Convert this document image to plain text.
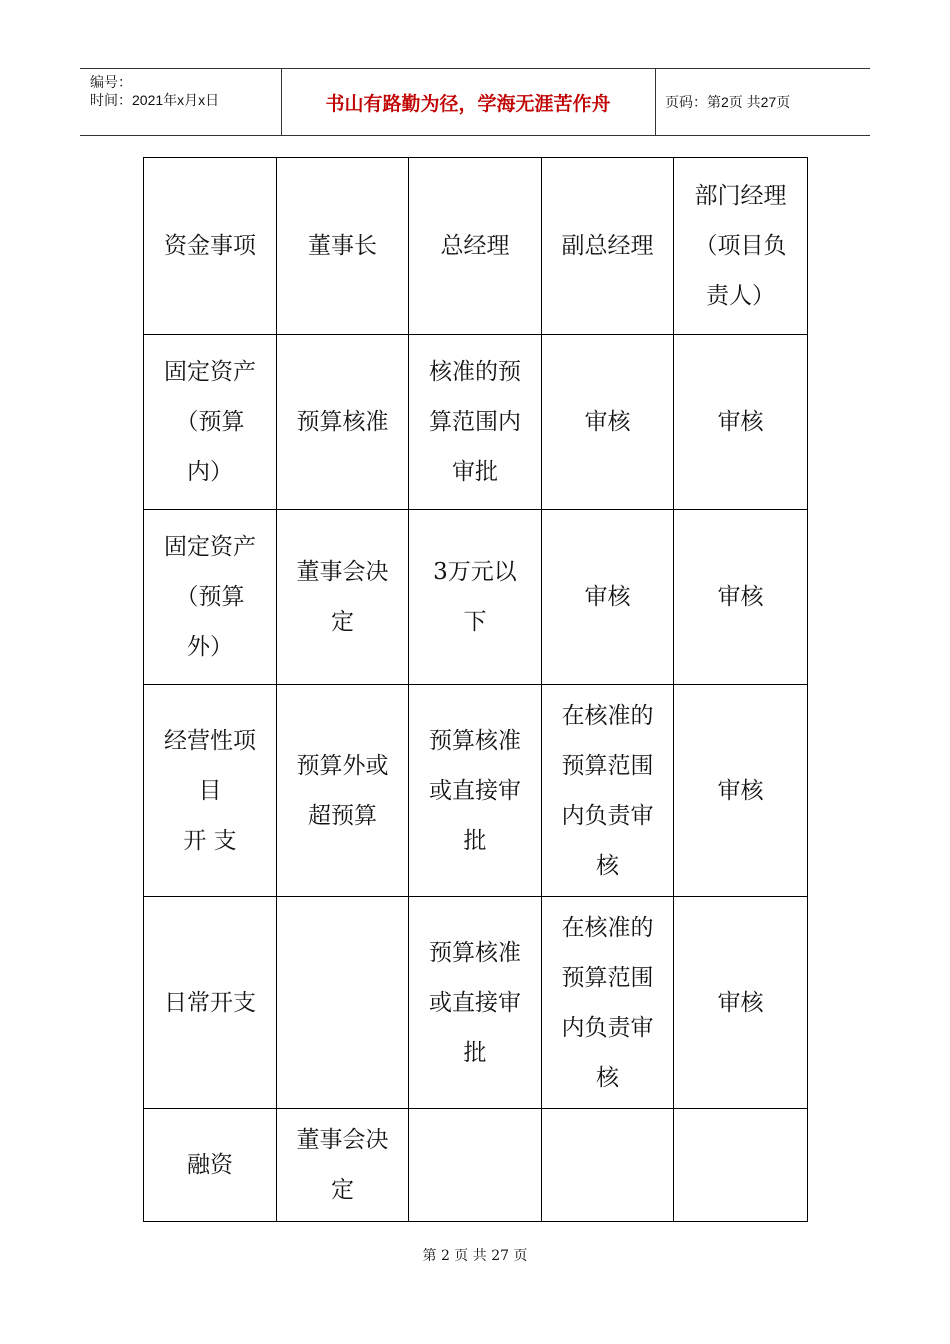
编号：
时间：2021年x月x日	书山有路勤为径，学海无涯苦作舟	页码：第2页 共27页
资金事项	董事长	总经理	副总经理	部门经理
（项目负
责人）

固定资产
（预算
内）	预算核准	核准的预
算范围内
审批	审核	审核

固定资产
（预算
外）	董事会决
定	3万元以
下	审核	审核

经营性项
目
开 支	预算外或
超预算	预算核准
或直接审
批	在核准的
预算范围
内负责审
核	审核

日常开支		预算核准
或直接审
批	在核准的
预算范围
内负责审
核	审核

融资	董事会决
定			

第 2 页 共 27 页
